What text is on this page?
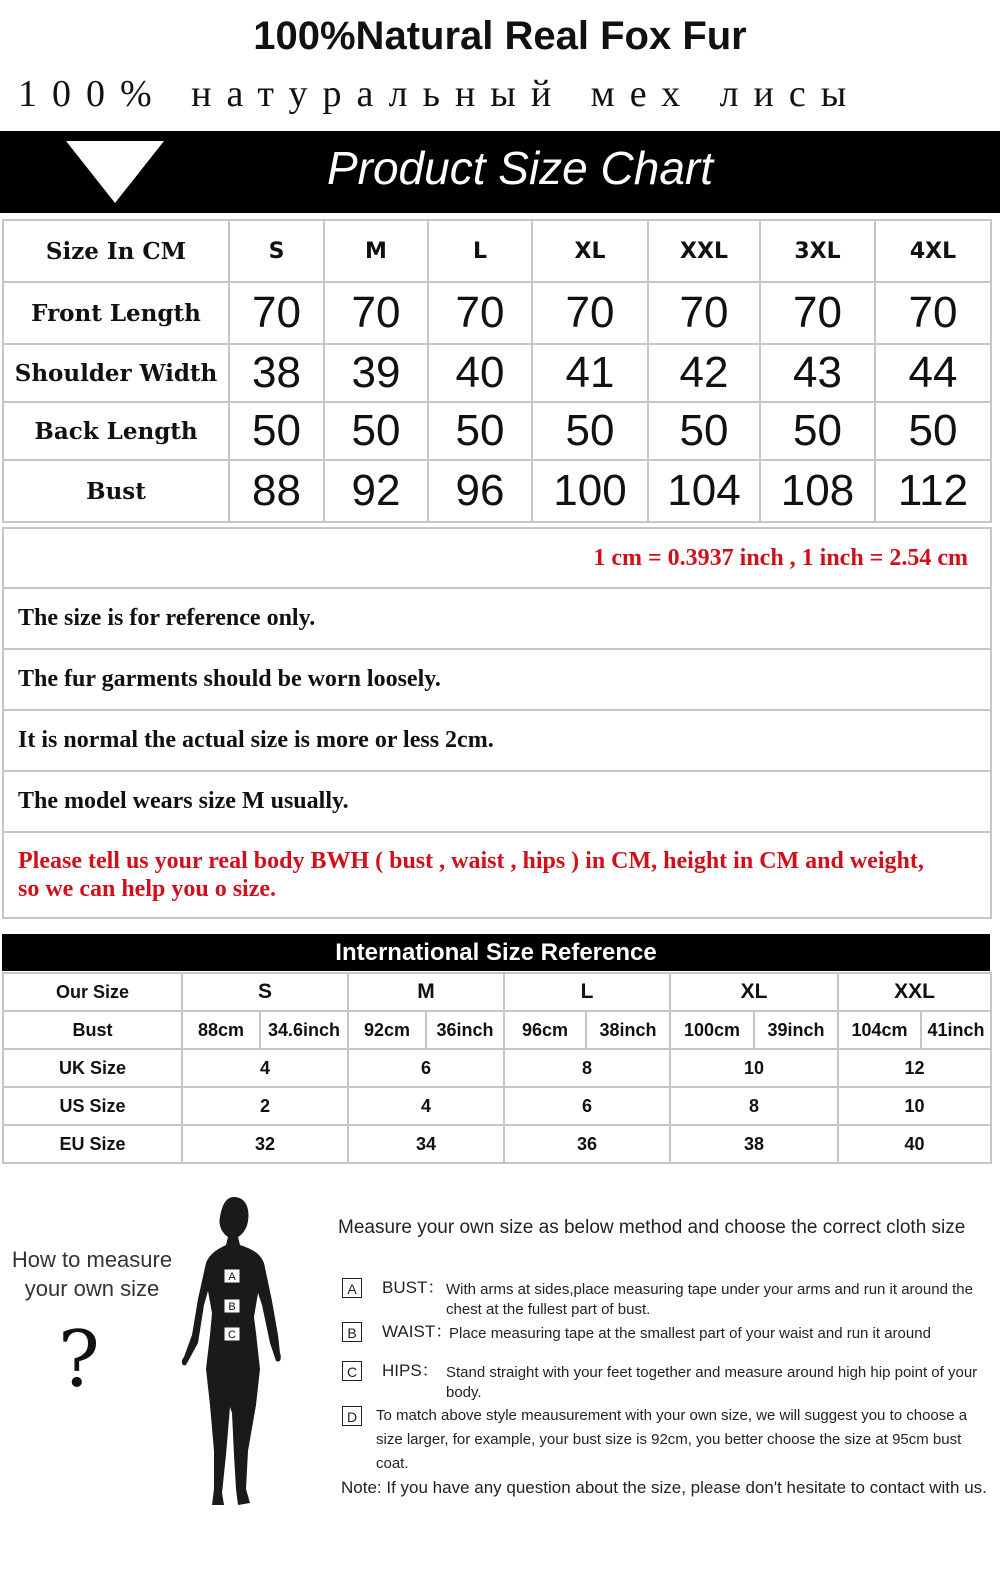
100%Natural Real Fox Fur
100% натуральный мех лисы
Product Size Chart
Size In CM	S	M	L	XL	XXL	3XL	4XL
Front Length	70	70	70	70	70	70	70
Shoulder Width	38	39	40	41	42	43	44
Back Length	50	50	50	50	50	50	50
Bust	88	92	96	100	104	108	112
1 cm = 0.3937 inch , 1 inch = 2.54 cm
The size is for reference only.
The fur garments should be worn loosely.
It is normal the actual size is more or less 2cm.
The model wears size M usually.
Please tell us your real body BWH ( bust , waist , hips ) in CM, height in CM and weight, so we can help you o size.
International Size Reference
Our Size	S		M		L		XL		XXL	
Bust	88cm	34.6inch	92cm	36inch	96cm	38inch	100cm	39inch	104cm	41inch
UK Size	4		6		8		10		12	
US Size	2		4		6		8		10	
EU Size	32		34		36		38		40	
How to measure your own size
?
A
B
C
Measure your own size as below method and choose the correct cloth size
A	BUST： With arms at sides,place measuring tape under your arms and run it around the chest at the fullest part of bust.
B	WAIST：
Place measuring tape at the smallest part of your waist and run it around
C HIPS： Stand straight with your feet together and measure around high hip point of your body.
D	To match above style meausurement with your own size, we will suggest you to choose a size larger, for example, your bust size is 92cm, you better choose the size at 95cm bust coat.
Note: If you have any question about the size, please don't hesitate to contact with us.
